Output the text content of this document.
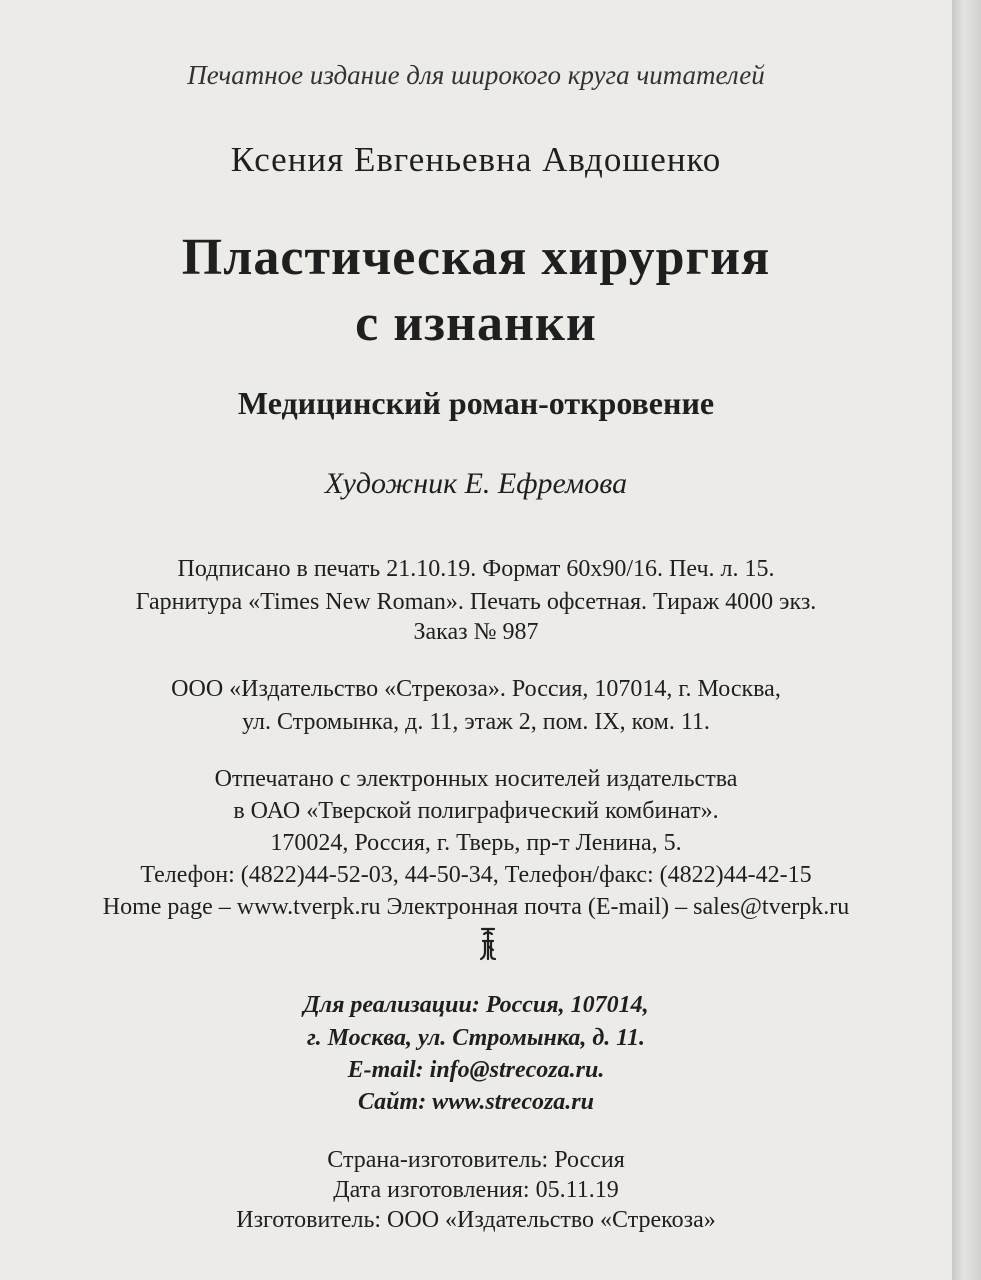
Печатное издание для широкого круга читателей
Ксения Евгеньевна Авдошенко
Пластическая хирургия
с изнанки
Медицинский роман-откровение
Художник Е. Ефремова
Подписано в печать 21.10.19. Формат 60x90/16. Печ. л. 15.
Гарнитура «Times New Roman». Печать офсетная. Тираж 4000 экз.
Заказ № 987
ООО «Издательство «Стрекоза». Россия, 107014, г. Москва,
ул. Стромынка, д. 11, этаж 2, пом. IX, ком. 11.
Отпечатано с электронных носителей издательства
в ОАО «Тверской полиграфический комбинат».
170024, Россия, г. Тверь, пр-т Ленина, 5.
Телефон: (4822)44-52-03, 44-50-34, Телефон/факс: (4822)44-42-15
Home page – www.tverpk.ru Электронная почта (E-mail) – sales@tverpk.ru
Для реализации: Россия, 107014,
г. Москва, ул. Стромынка, д. 11.
E-mail: info@strecoza.ru.
Сайт: www.strecoza.ru
Страна-изготовитель: Россия
Дата изготовления: 05.11.19
Изготовитель: ООО «Издательство «Стрекоза»
